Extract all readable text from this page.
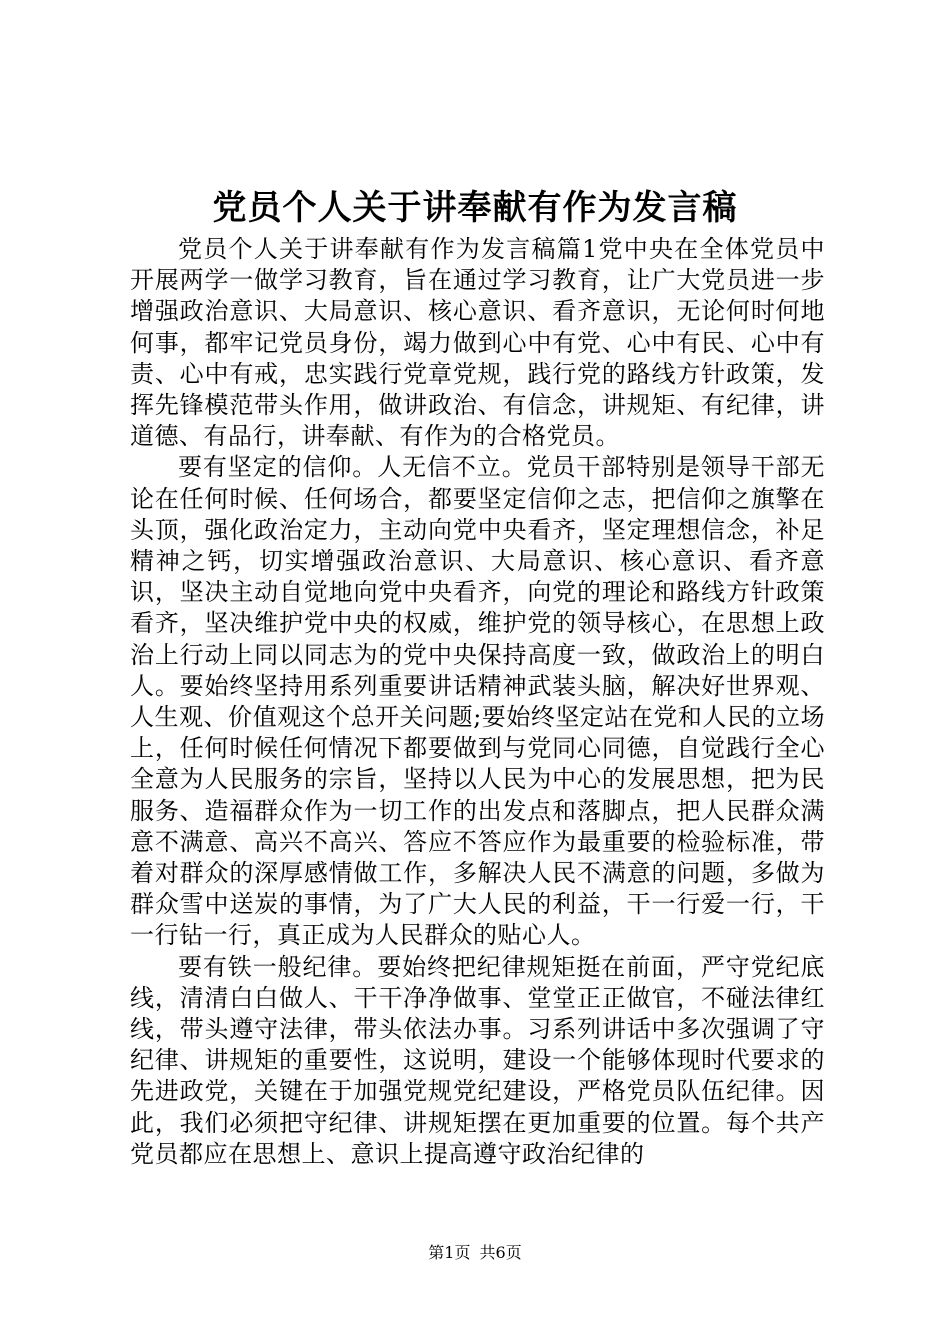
党员个人关于讲奉献有作为发言稿

党员个人关于讲奉献有作为发言稿篇1党中央在全体党员中开展两学一做学习教育，旨在通过学习教育，让广大党员进一步增强政治意识、大局意识、核心意识、看齐意识，无论何时何地何事，都牢记党员身份，竭力做到心中有党、心中有民、心中有责、心中有戒，忠实践行党章党规，践行党的路线方针政策，发挥先锋模范带头作用，做讲政治、有信念，讲规矩、有纪律，讲道德、有品行，讲奉献、有作为的合格党员。

要有坚定的信仰。人无信不立。党员干部特别是领导干部无论在任何时候、任何场合，都要坚定信仰之志，把信仰之旗擎在头顶，强化政治定力，主动向党中央看齐，坚定理想信念，补足精神之钙，切实增强政治意识、大局意识、核心意识、看齐意识，坚决主动自觉地向党中央看齐，向党的理论和路线方针政策看齐，坚决维护党中央的权威，维护党的领导核心，在思想上政治上行动上同以同志为的党中央保持高度一致，做政治上的明白人。要始终坚持用系列重要讲话精神武装头脑，解决好世界观、人生观、价值观这个总开关问题;要始终坚定站在党和人民的立场上，任何时候任何情况下都要做到与党同心同德，自觉践行全心全意为人民服务的宗旨，坚持以人民为中心的发展思想，把为民服务、造福群众作为一切工作的出发点和落脚点，把人民群众满意不满意、高兴不高兴、答应不答应作为最重要的检验标准，带着对群众的深厚感情做工作，多解决人民不满意的问题，多做为群众雪中送炭的事情，为了广大人民的利益，干一行爱一行，干一行钻一行，真正成为人民群众的贴心人。

要有铁一般纪律。要始终把纪律规矩挺在前面，严守党纪底线，清清白白做人、干干净净做事、堂堂正正做官，不碰法律红线，带头遵守法律，带头依法办事。习系列讲话中多次强调了守纪律、讲规矩的重要性，这说明，建设一个能够体现时代要求的先进政党，关键在于加强党规党纪建设，严格党员队伍纪律。因此，我们必须把守纪律、讲规矩摆在更加重要的位置。每个共产党员都应在思想上、意识上提高遵守政治纪律的

第1页 共6页
